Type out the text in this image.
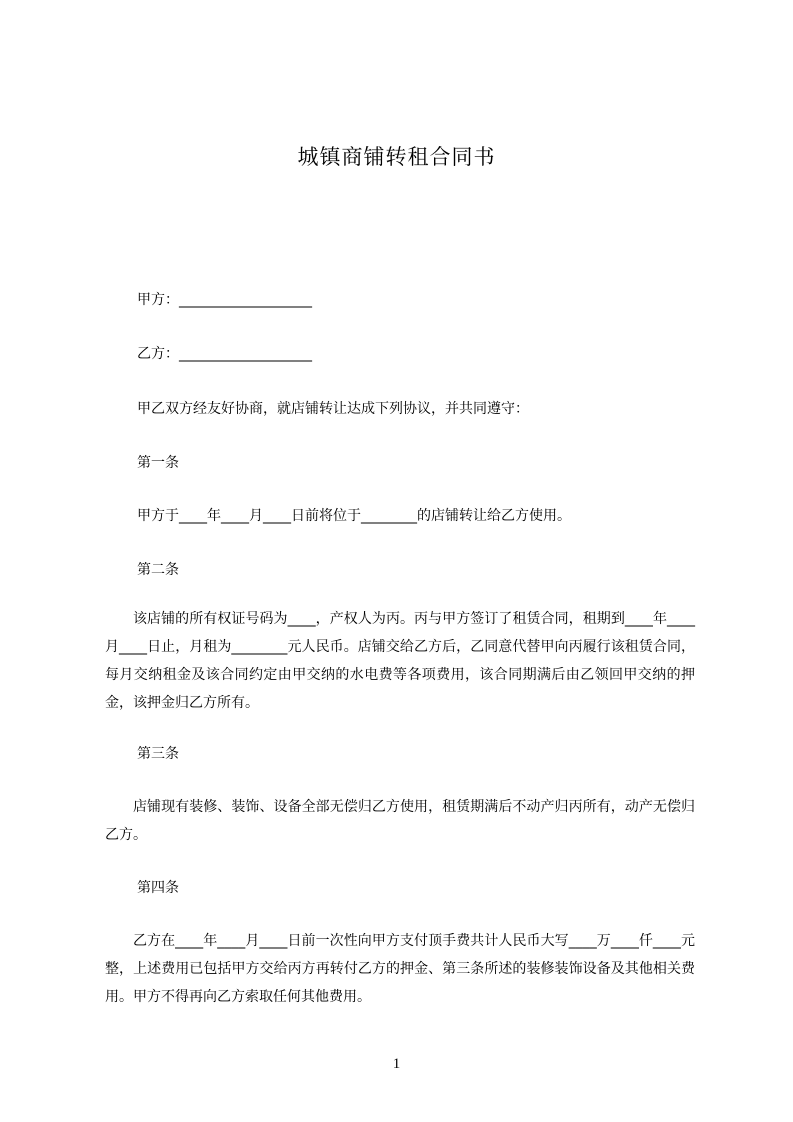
城镇商铺转租合同书

甲方：___________________

乙方：___________________

甲乙双方经友好协商，就店铺转让达成下列协议，并共同遵守：

第一条

甲方于____年____月____日前将位于________的店铺转让给乙方使用。

第二条

该店铺的所有权证号码为____，产权人为丙。丙与甲方签订了租赁合同，租期到____年____月____日止，月租为________元人民币。店铺交给乙方后，乙同意代替甲向丙履行该租赁合同，每月交纳租金及该合同约定由甲交纳的水电费等各项费用，该合同期满后由乙领回甲交纳的押金，该押金归乙方所有。

第三条

店铺现有装修、装饰、设备全部无偿归乙方使用，租赁期满后不动产归丙所有，动产无偿归乙方。

第四条

乙方在____年____月____日前一次性向甲方支付顶手费共计人民币大写____万____仟____元整，上述费用已包括甲方交给丙方再转付乙方的押金、第三条所述的装修装饰设备及其他相关费用。甲方不得再向乙方索取任何其他费用。

1
